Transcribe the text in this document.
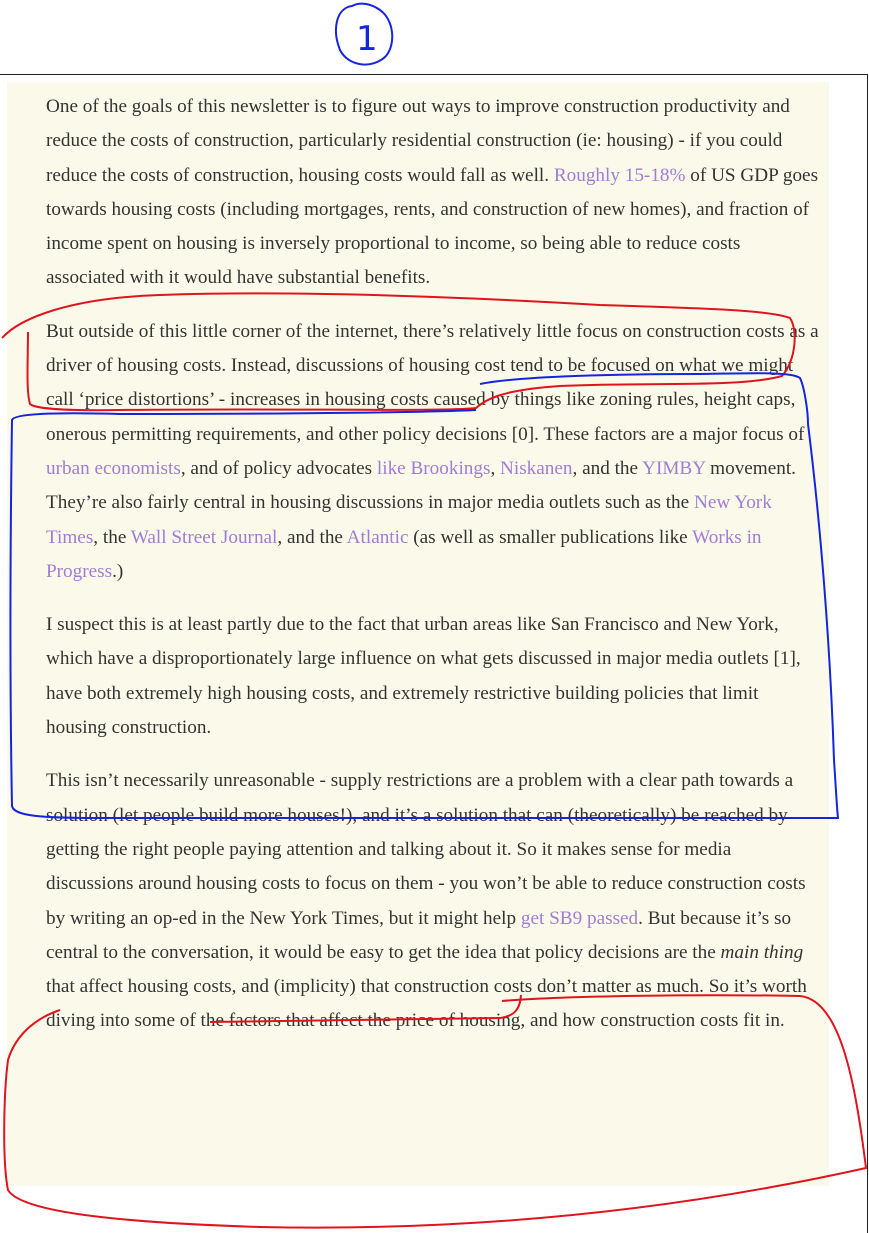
One of the goals of this newsletter is to figure out ways to improve construction productivity and reduce the costs of construction, particularly residential construction (ie: housing) - if you could reduce the costs of construction, housing costs would fall as well. Roughly 15-18% of US GDP goes towards housing costs (including mortgages, rents, and construction of new homes), and fraction of income spent on housing is inversely proportional to income, so being able to reduce costs associated with it would have substantial benefits.

But outside of this little corner of the internet, there’s relatively little focus on construction costs as a driver of housing costs. Instead, discussions of housing cost tend to be focused on what we might call ‘price distortions’ - increases in housing costs caused by things like zoning rules, height caps, onerous permitting requirements, and other policy decisions [0]. These factors are a major focus of urban economists, and of policy advocates like Brookings, Niskanen, and the YIMBY movement. They’re also fairly central in housing discussions in major media outlets such as the New York Times, the Wall Street Journal, and the Atlantic (as well as smaller publications like Works in Progress.)

I suspect this is at least partly due to the fact that urban areas like San Francisco and New York, which have a disproportionately large influence on what gets discussed in major media outlets [1], have both extremely high housing costs, and extremely restrictive building policies that limit housing construction.

This isn’t necessarily unreasonable - supply restrictions are a problem with a clear path towards a solution (let people build more houses!), and it’s a solution that can (theoretically) be reached by getting the right people paying attention and talking about it. So it makes sense for media discussions around housing costs to focus on them - you won’t be able to reduce construction costs by writing an op-ed in the New York Times, but it might help get SB9 passed. But because it’s so central to the conversation, it would be easy to get the idea that policy decisions are the main thing that affect housing costs, and (implicity) that construction costs don’t matter as much. So it’s worth diving into some of the factors that affect the price of housing, and how construction costs fit in.

1
